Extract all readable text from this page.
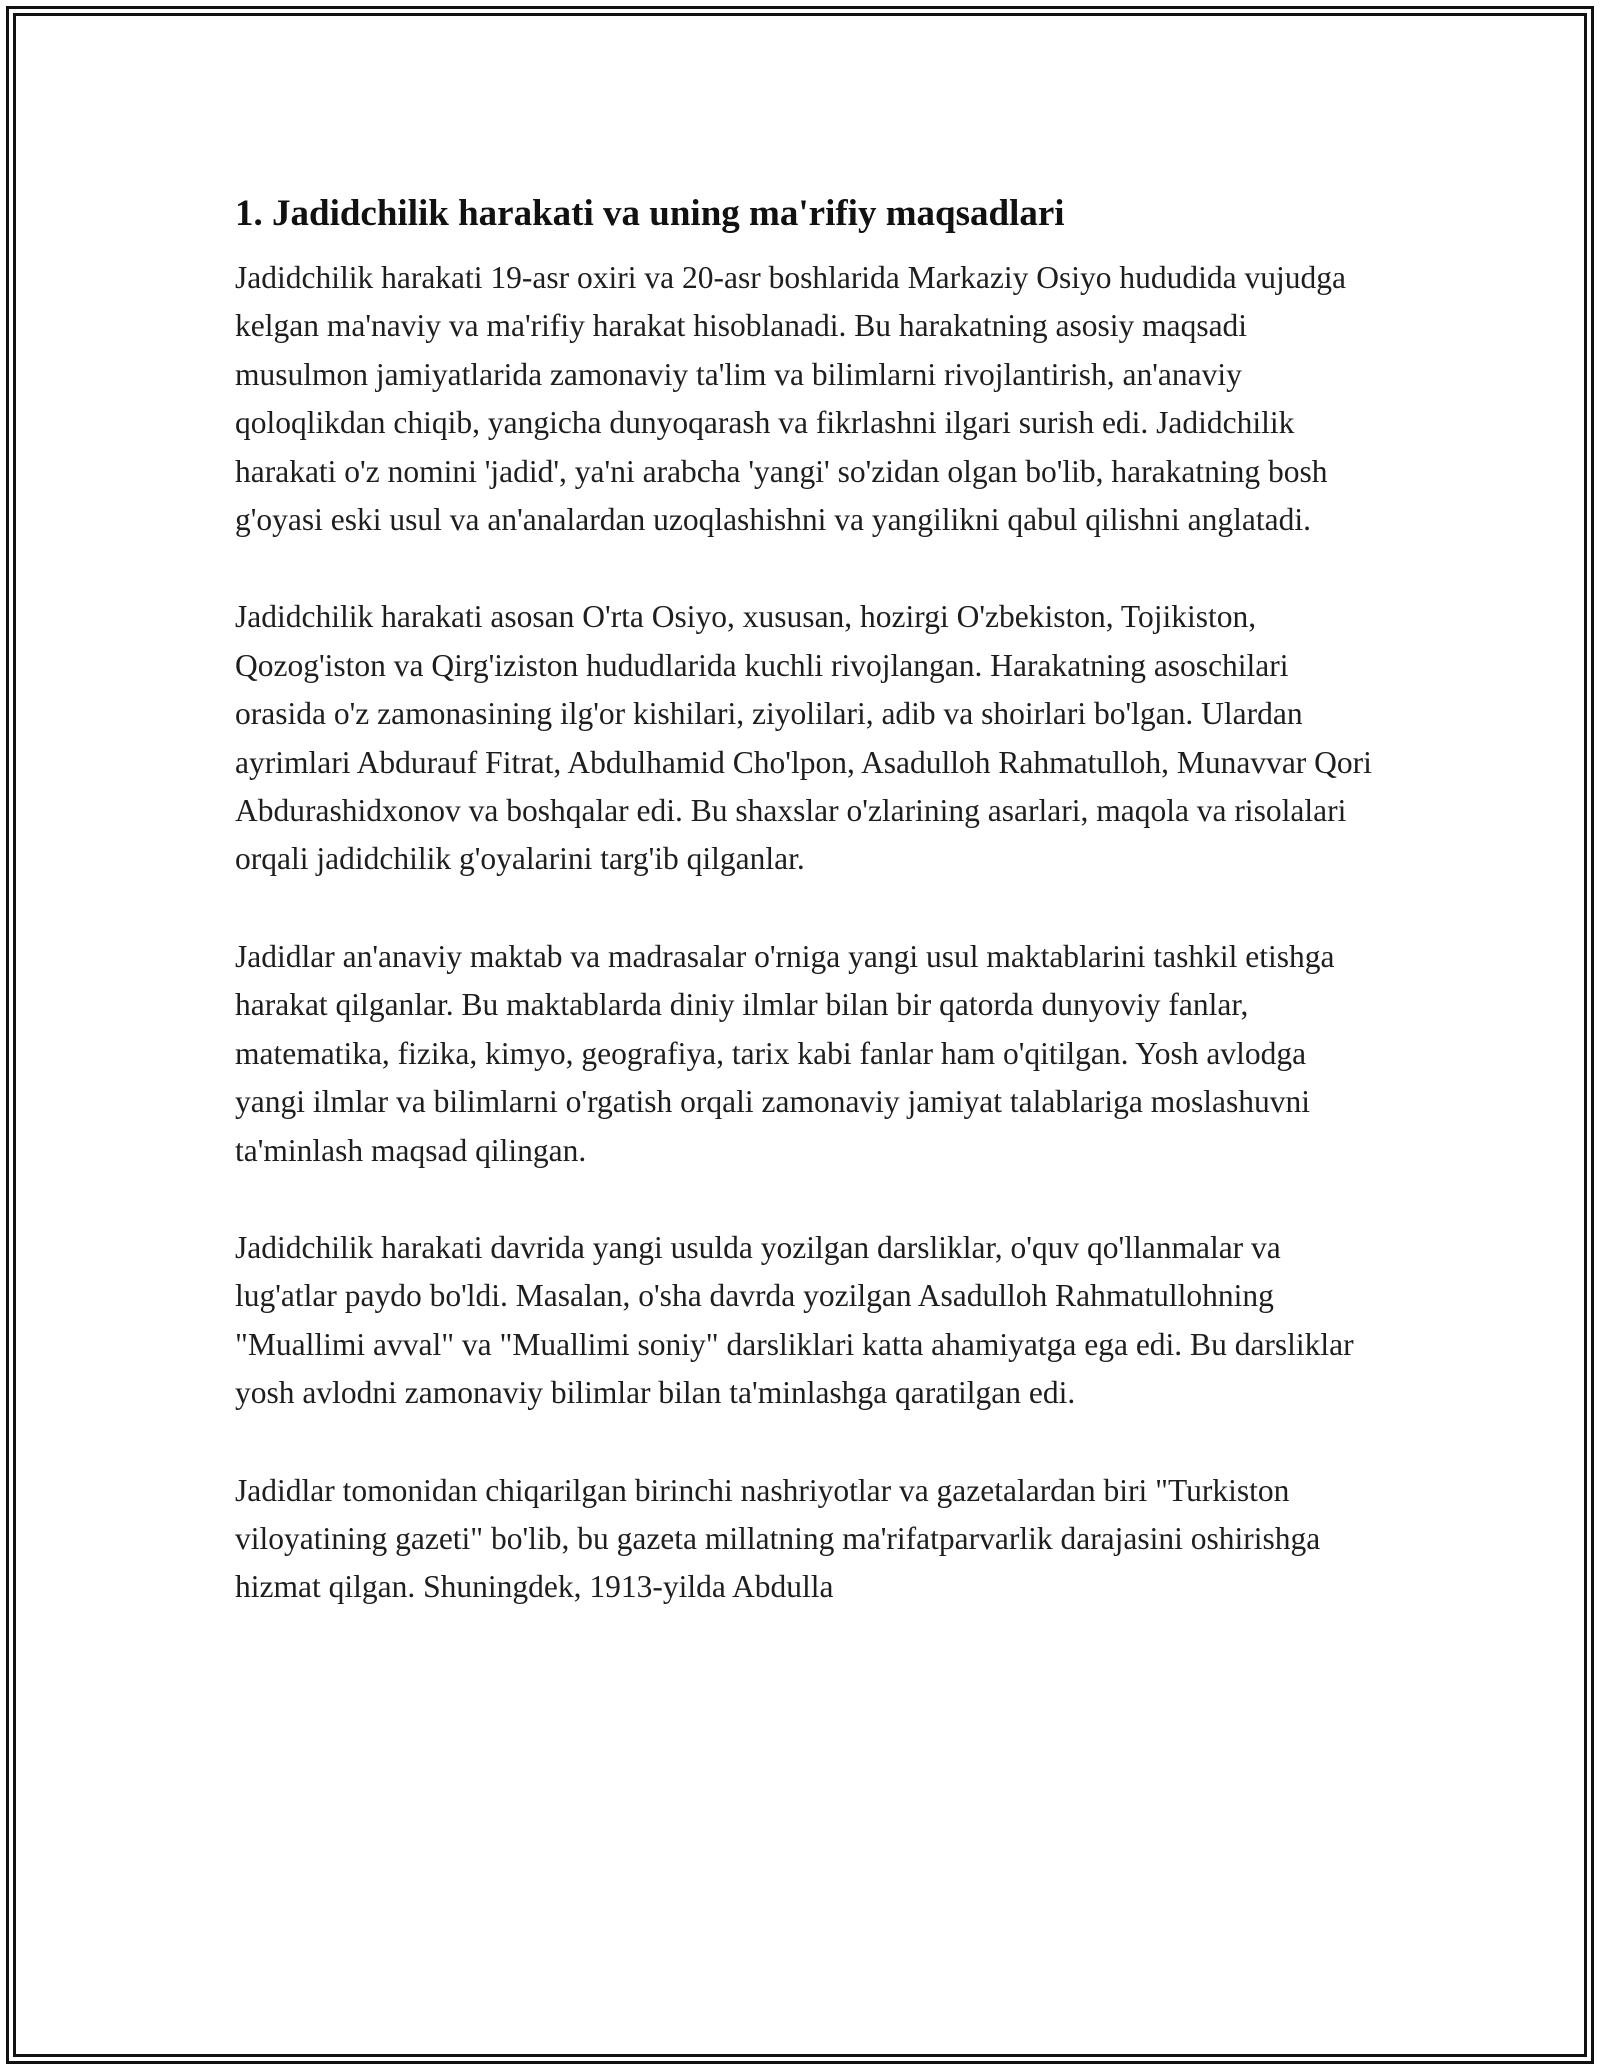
1. Jadidchilik harakati va uning ma'rifiy maqsadlari

Jadidchilik harakati 19-asr oxiri va 20-asr boshlarida Markaziy Osiyo hududida vujudga kelgan ma'naviy va ma'rifiy harakat hisoblanadi. Bu harakatning asosiy maqsadi musulmon jamiyatlarida zamonaviy ta'lim va bilimlarni rivojlantirish, an'anaviy qoloqlikdan chiqib, yangicha dunyoqarash va fikrlashni ilgari surish edi. Jadidchilik harakati o'z nomini 'jadid', ya'ni arabcha 'yangi' so'zidan olgan bo'lib, harakatning bosh g'oyasi eski usul va an'analardan uzoqlashishni va yangilikni qabul qilishni anglatadi.

Jadidchilik harakati asosan O'rta Osiyo, xususan, hozirgi O'zbekiston, Tojikiston, Qozog'iston va Qirg'iziston hududlarida kuchli rivojlangan. Harakatning asoschilari orasida o'z zamonasining ilg'or kishilari, ziyolilari, adib va shoirlari bo'lgan. Ulardan ayrimlari Abdurauf Fitrat, Abdulhamid Cho'lpon, Asadulloh Rahmatulloh, Munavvar Qori Abdurashidxonov va boshqalar edi. Bu shaxslar o'zlarining asarlari, maqola va risolalari orqali jadidchilik g'oyalarini targ'ib qilganlar.

Jadidlar an'anaviy maktab va madrasalar o'rniga yangi usul maktablarini tashkil etishga harakat qilganlar. Bu maktablarda diniy ilmlar bilan bir qatorda dunyoviy fanlar, matematika, fizika, kimyo, geografiya, tarix kabi fanlar ham o'qitilgan. Yosh avlodga yangi ilmlar va bilimlarni o'rgatish orqali zamonaviy jamiyat talablariga moslashuvni ta'minlash maqsad qilingan.

Jadidchilik harakati davrida yangi usulda yozilgan darsliklar, o'quv qo'llanmalar va lug'atlar paydo bo'ldi. Masalan, o'sha davrda yozilgan Asadulloh Rahmatullohning "Muallimi avval" va "Muallimi soniy" darsliklari katta ahamiyatga ega edi. Bu darsliklar yosh avlodni zamonaviy bilimlar bilan ta'minlashga qaratilgan edi.

Jadidlar tomonidan chiqarilgan birinchi nashriyotlar va gazetalardan biri "Turkiston viloyatining gazeti" bo'lib, bu gazeta millatning ma'rifatparvarlik darajasini oshirishga hizmat qilgan. Shuningdek, 1913-yilda Abdulla
